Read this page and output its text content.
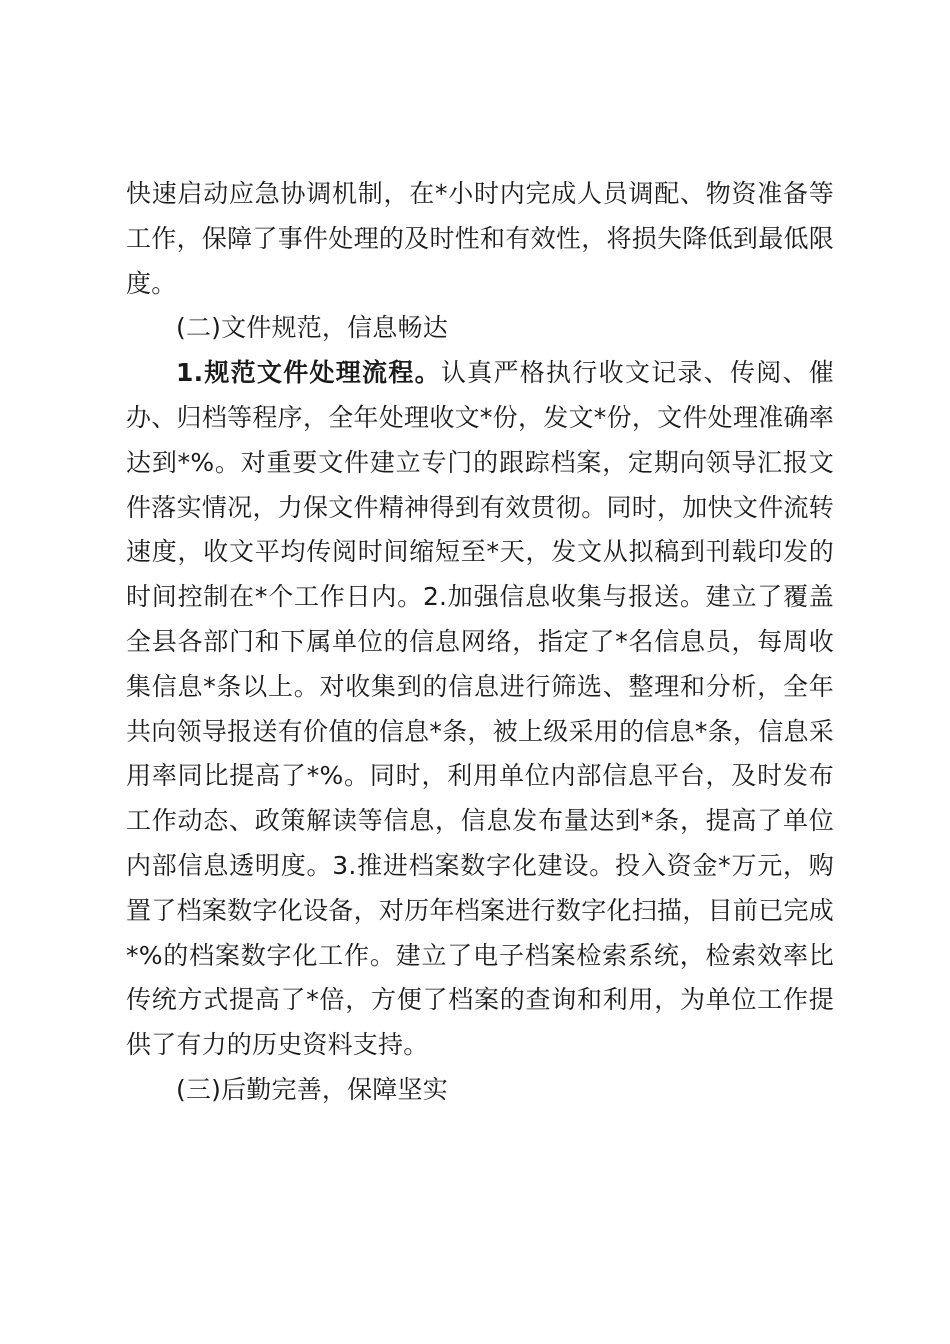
快速启动应急协调机制，在*小时内完成人员调配、物资准备等工作，保障了事件处理的及时性和有效性，将损失降低到最低限度。

(二)文件规范，信息畅达

1.规范文件处理流程。认真严格执行收文记录、传阅、催办、归档等程序，全年处理收文*份，发文*份，文件处理准确率达到*%。对重要文件建立专门的跟踪档案，定期向领导汇报文件落实情况，力保文件精神得到有效贯彻。同时，加快文件流转速度，收文平均传阅时间缩短至*天，发文从拟稿到刊载印发的时间控制在*个工作日内。2.加强信息收集与报送。建立了覆盖全县各部门和下属单位的信息网络，指定了*名信息员，每周收集信息*条以上。对收集到的信息进行筛选、整理和分析，全年共向领导报送有价值的信息*条，被上级采用的信息*条，信息采用率同比提高了*%。同时，利用单位内部信息平台，及时发布工作动态、政策解读等信息，信息发布量达到*条，提高了单位内部信息透明度。3.推进档案数字化建设。投入资金*万元，购置了档案数字化设备，对历年档案进行数字化扫描，目前已完成*%的档案数字化工作。建立了电子档案检索系统，检索效率比传统方式提高了*倍，方便了档案的查询和利用，为单位工作提供了有力的历史资料支持。

(三)后勤完善，保障坚实
